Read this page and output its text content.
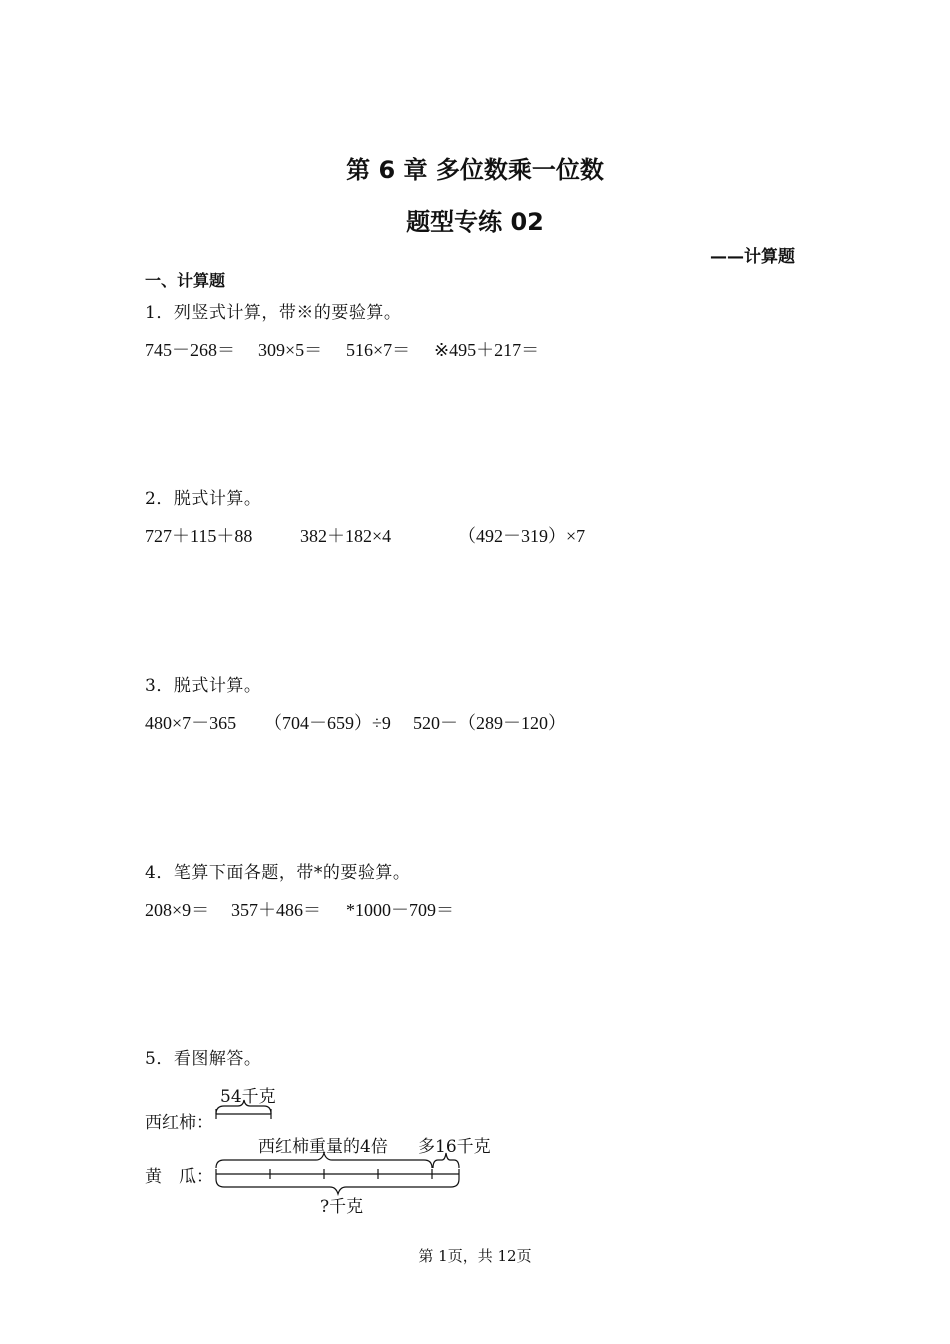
第 6 章 多位数乘一位数
题型专练 02
——计算题
一、计算题
1．列竖式计算，带※的要验算。
745－268＝ 309×5＝ 516×7＝ ※495＋217＝
2．脱式计算。
727＋115＋88	382＋182×4	（492－319）×7
3．脱式计算。
480×7－365 （704－659）÷9 520－（289－120）
4．笔算下面各题，带*的要验算。
208×9＝ 357＋486＝ *1000－709＝
5．看图解答。
西红柿：
54千克
黄　瓜：
西红柿重量的4倍 多16千克
?千克
第 1页，共 12页
